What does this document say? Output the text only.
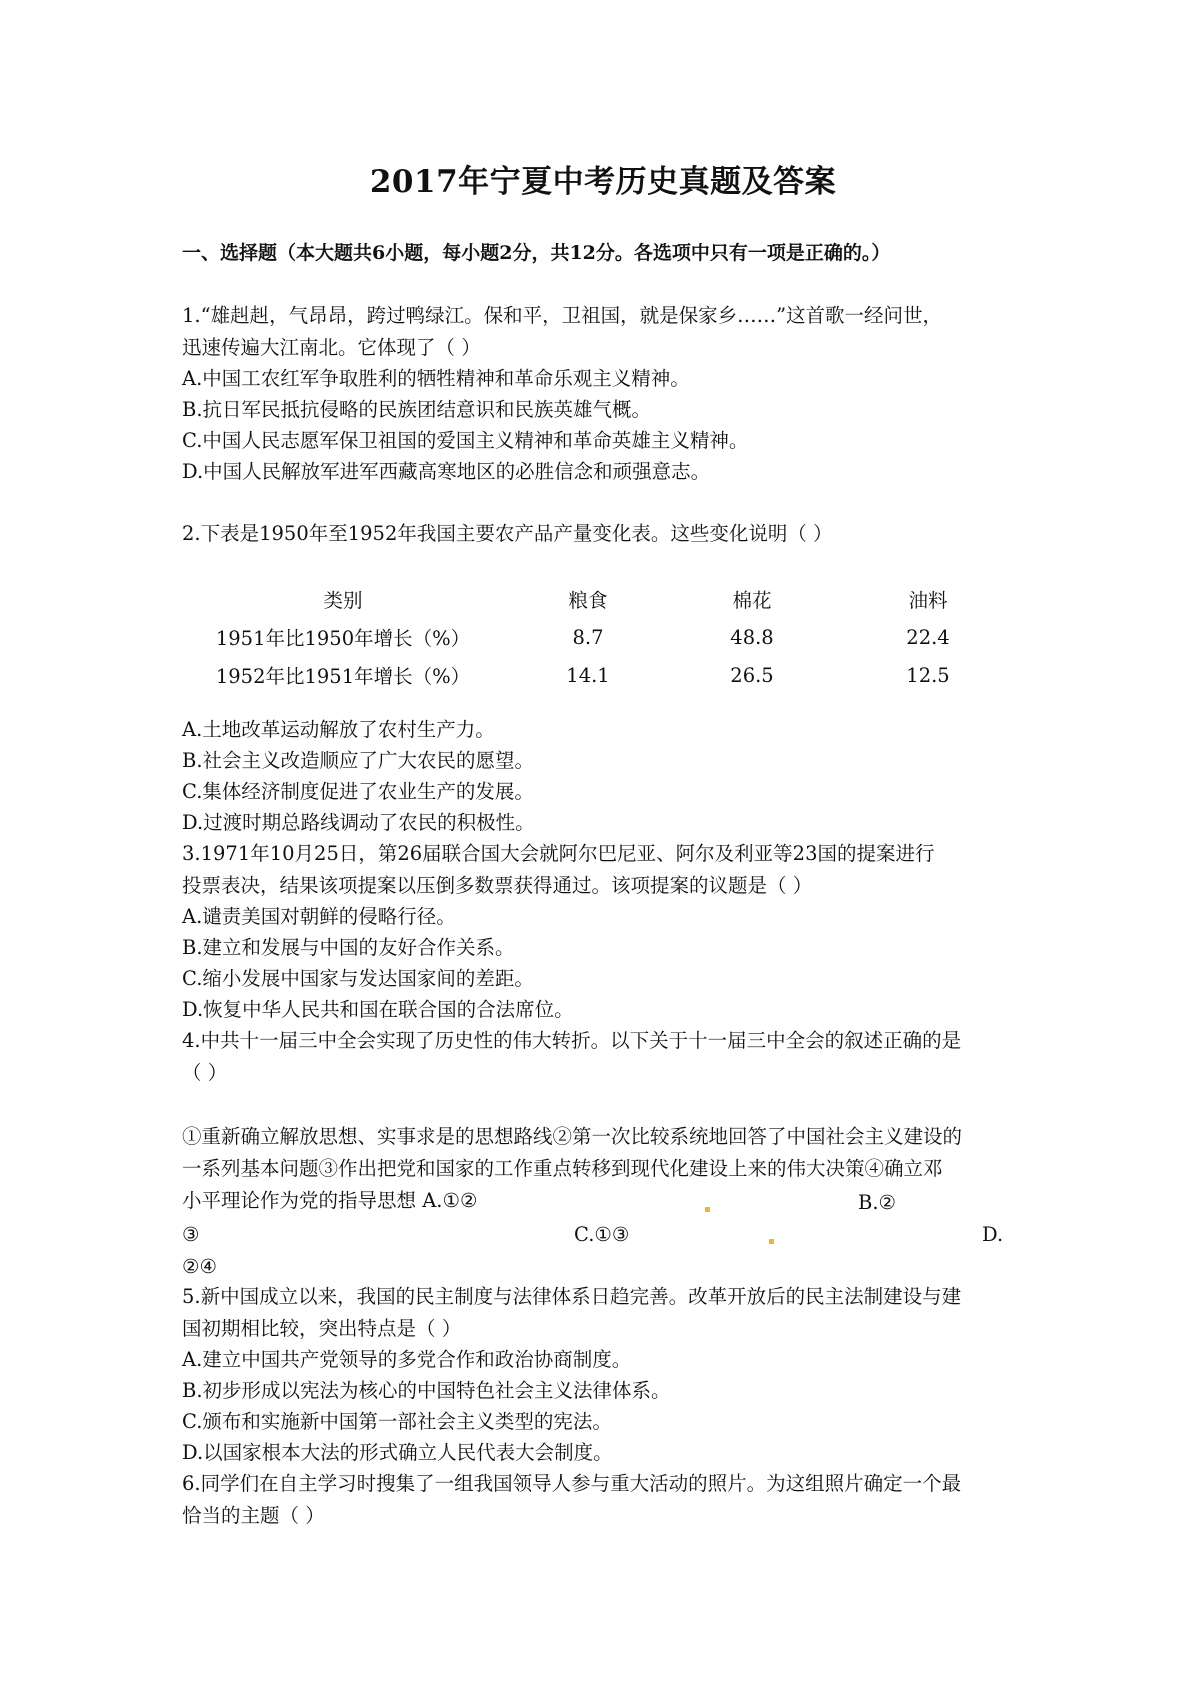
2017年宁夏中考历史真题及答案
一、选择题（本大题共6小题，每小题2分，共12分。各选项中只有一项是正确的。）
1.“雄赳赳，气昂昂，跨过鸭绿江。保和平，卫祖国，就是保家乡……”这首歌一经问世，
迅速传遍大江南北。它体现了（ ）
A.中国工农红军争取胜利的牺牲精神和革命乐观主义精神。
B.抗日军民抵抗侵略的民族团结意识和民族英雄气概。
C.中国人民志愿军保卫祖国的爱国主义精神和革命英雄主义精神。
D.中国人民解放军进军西藏高寒地区的必胜信念和顽强意志。
2.下表是1950年至1952年我国主要农产品产量变化表。这些变化说明（ ）
类别	粮食	棉花	油料
1951年比1950年增长（%）	8.7	48.8	22.4
1952年比1951年增长（%）	14.1	26.5	12.5
A.土地改革运动解放了农村生产力。
B.社会主义改造顺应了广大农民的愿望。
C.集体经济制度促进了农业生产的发展。
D.过渡时期总路线调动了农民的积极性。
3.1971年10月25日，第26届联合国大会就阿尔巴尼亚、阿尔及利亚等23国的提案进行
投票表决，结果该项提案以压倒多数票获得通过。该项提案的议题是（ ）
A.谴责美国对朝鲜的侵略行径。
B.建立和发展与中国的友好合作关系。
C.缩小发展中国家与发达国家间的差距。
D.恢复中华人民共和国在联合国的合法席位。
4.中共十一届三中全会实现了历史性的伟大转折。以下关于十一届三中全会的叙述正确的是
（ ）
①重新确立解放思想、实事求是的思想路线②第一次比较系统地回答了中国社会主义建设的
一系列基本问题③作出把党和国家的工作重点转移到现代化建设上来的伟大决策④确立邓
小平理论作为党的指导思想 A.①②	B.②
③	C.①③	D.
②④
5.新中国成立以来，我国的民主制度与法律体系日趋完善。改革开放后的民主法制建设与建
国初期相比较，突出特点是（ ）
A.建立中国共产党领导的多党合作和政治协商制度。
B.初步形成以宪法为核心的中国特色社会主义法律体系。
C.颁布和实施新中国第一部社会主义类型的宪法。
D.以国家根本大法的形式确立人民代表大会制度。
6.同学们在自主学习时搜集了一组我国领导人参与重大活动的照片。为这组照片确定一个最
恰当的主题（ ）
